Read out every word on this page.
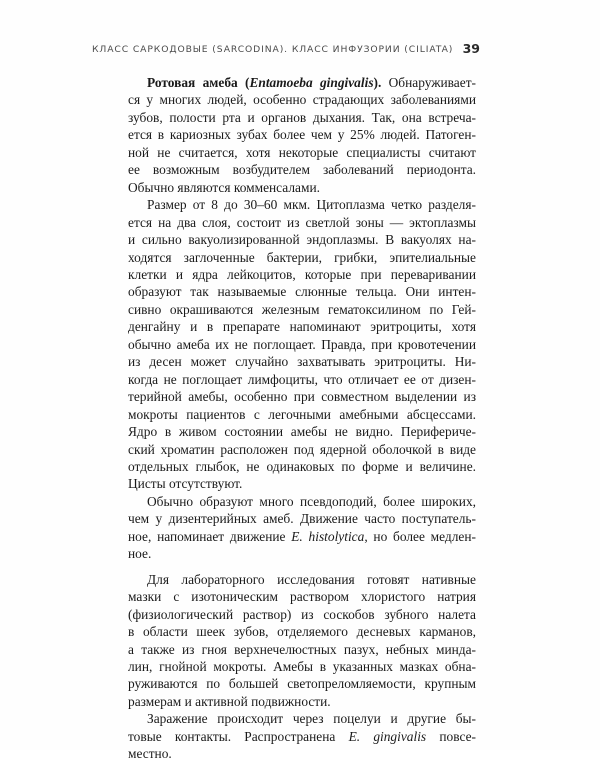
КЛАСС САРКОДОВЫЕ (SARCODINA). КЛАСС ИНФУЗОРИИ (CILIATA) 39
Ротовая амеба (Entamoeba gingivalis). Обнаруживает-
ся у многих людей, особенно страдающих заболеваниями
зубов, полости рта и органов дыхания. Так, она встреча-
ется в кариозных зубах более чем у 25% людей. Патоген-
ной не считается, хотя некоторые специалисты считают
ее возможным возбудителем заболеваний периодонта.
Обычно являются комменсалами.
Размер от 8 до 30–60 мкм. Цитоплазма четко разделя-
ется на два слоя, состоит из светлой зоны — эктоплазмы
и сильно вакуолизированной эндоплазмы. В вакуолях на-
ходятся заглоченные бактерии, грибки, эпителиальные
клетки и ядра лейкоцитов, которые при переваривании
образуют так называемые слюнные тельца. Они интен-
сивно окрашиваются железным гематоксилином по Гей-
денгайну и в препарате напоминают эритроциты, хотя
обычно амеба их не поглощает. Правда, при кровотечении
из десен может случайно захватывать эритроциты. Ни-
когда не поглощает лимфоциты, что отличает ее от дизен-
терийной амебы, особенно при совместном выделении из
мокроты пациентов с легочными амебными абсцессами.
Ядро в живом состоянии амебы не видно. Перифериче-
ский хроматин расположен под ядерной оболочкой в виде
отдельных глыбок, не одинаковых по форме и величине.
Цисты отсутствуют.
Обычно образуют много псевдоподий, более широких,
чем у дизентерийных амеб. Движение часто поступатель-
ное, напоминает движение E. histolytica, но более медлен-
ное.
Для лабораторного исследования готовят нативные
мазки с изотоническим раствором хлористого натрия
(физиологический раствор) из соскобов зубного налета
в области шеек зубов, отделяемого десневых карманов,
а также из гноя верхнечелюстных пазух, небных минда-
лин, гнойной мокроты. Амебы в указанных мазках обна-
руживаются по большей светопреломляемости, крупным
размерам и активной подвижности.
Заражение происходит через поцелуи и другие бы-
товые контакты. Распространена E. gingivalis повсе-
местно.
